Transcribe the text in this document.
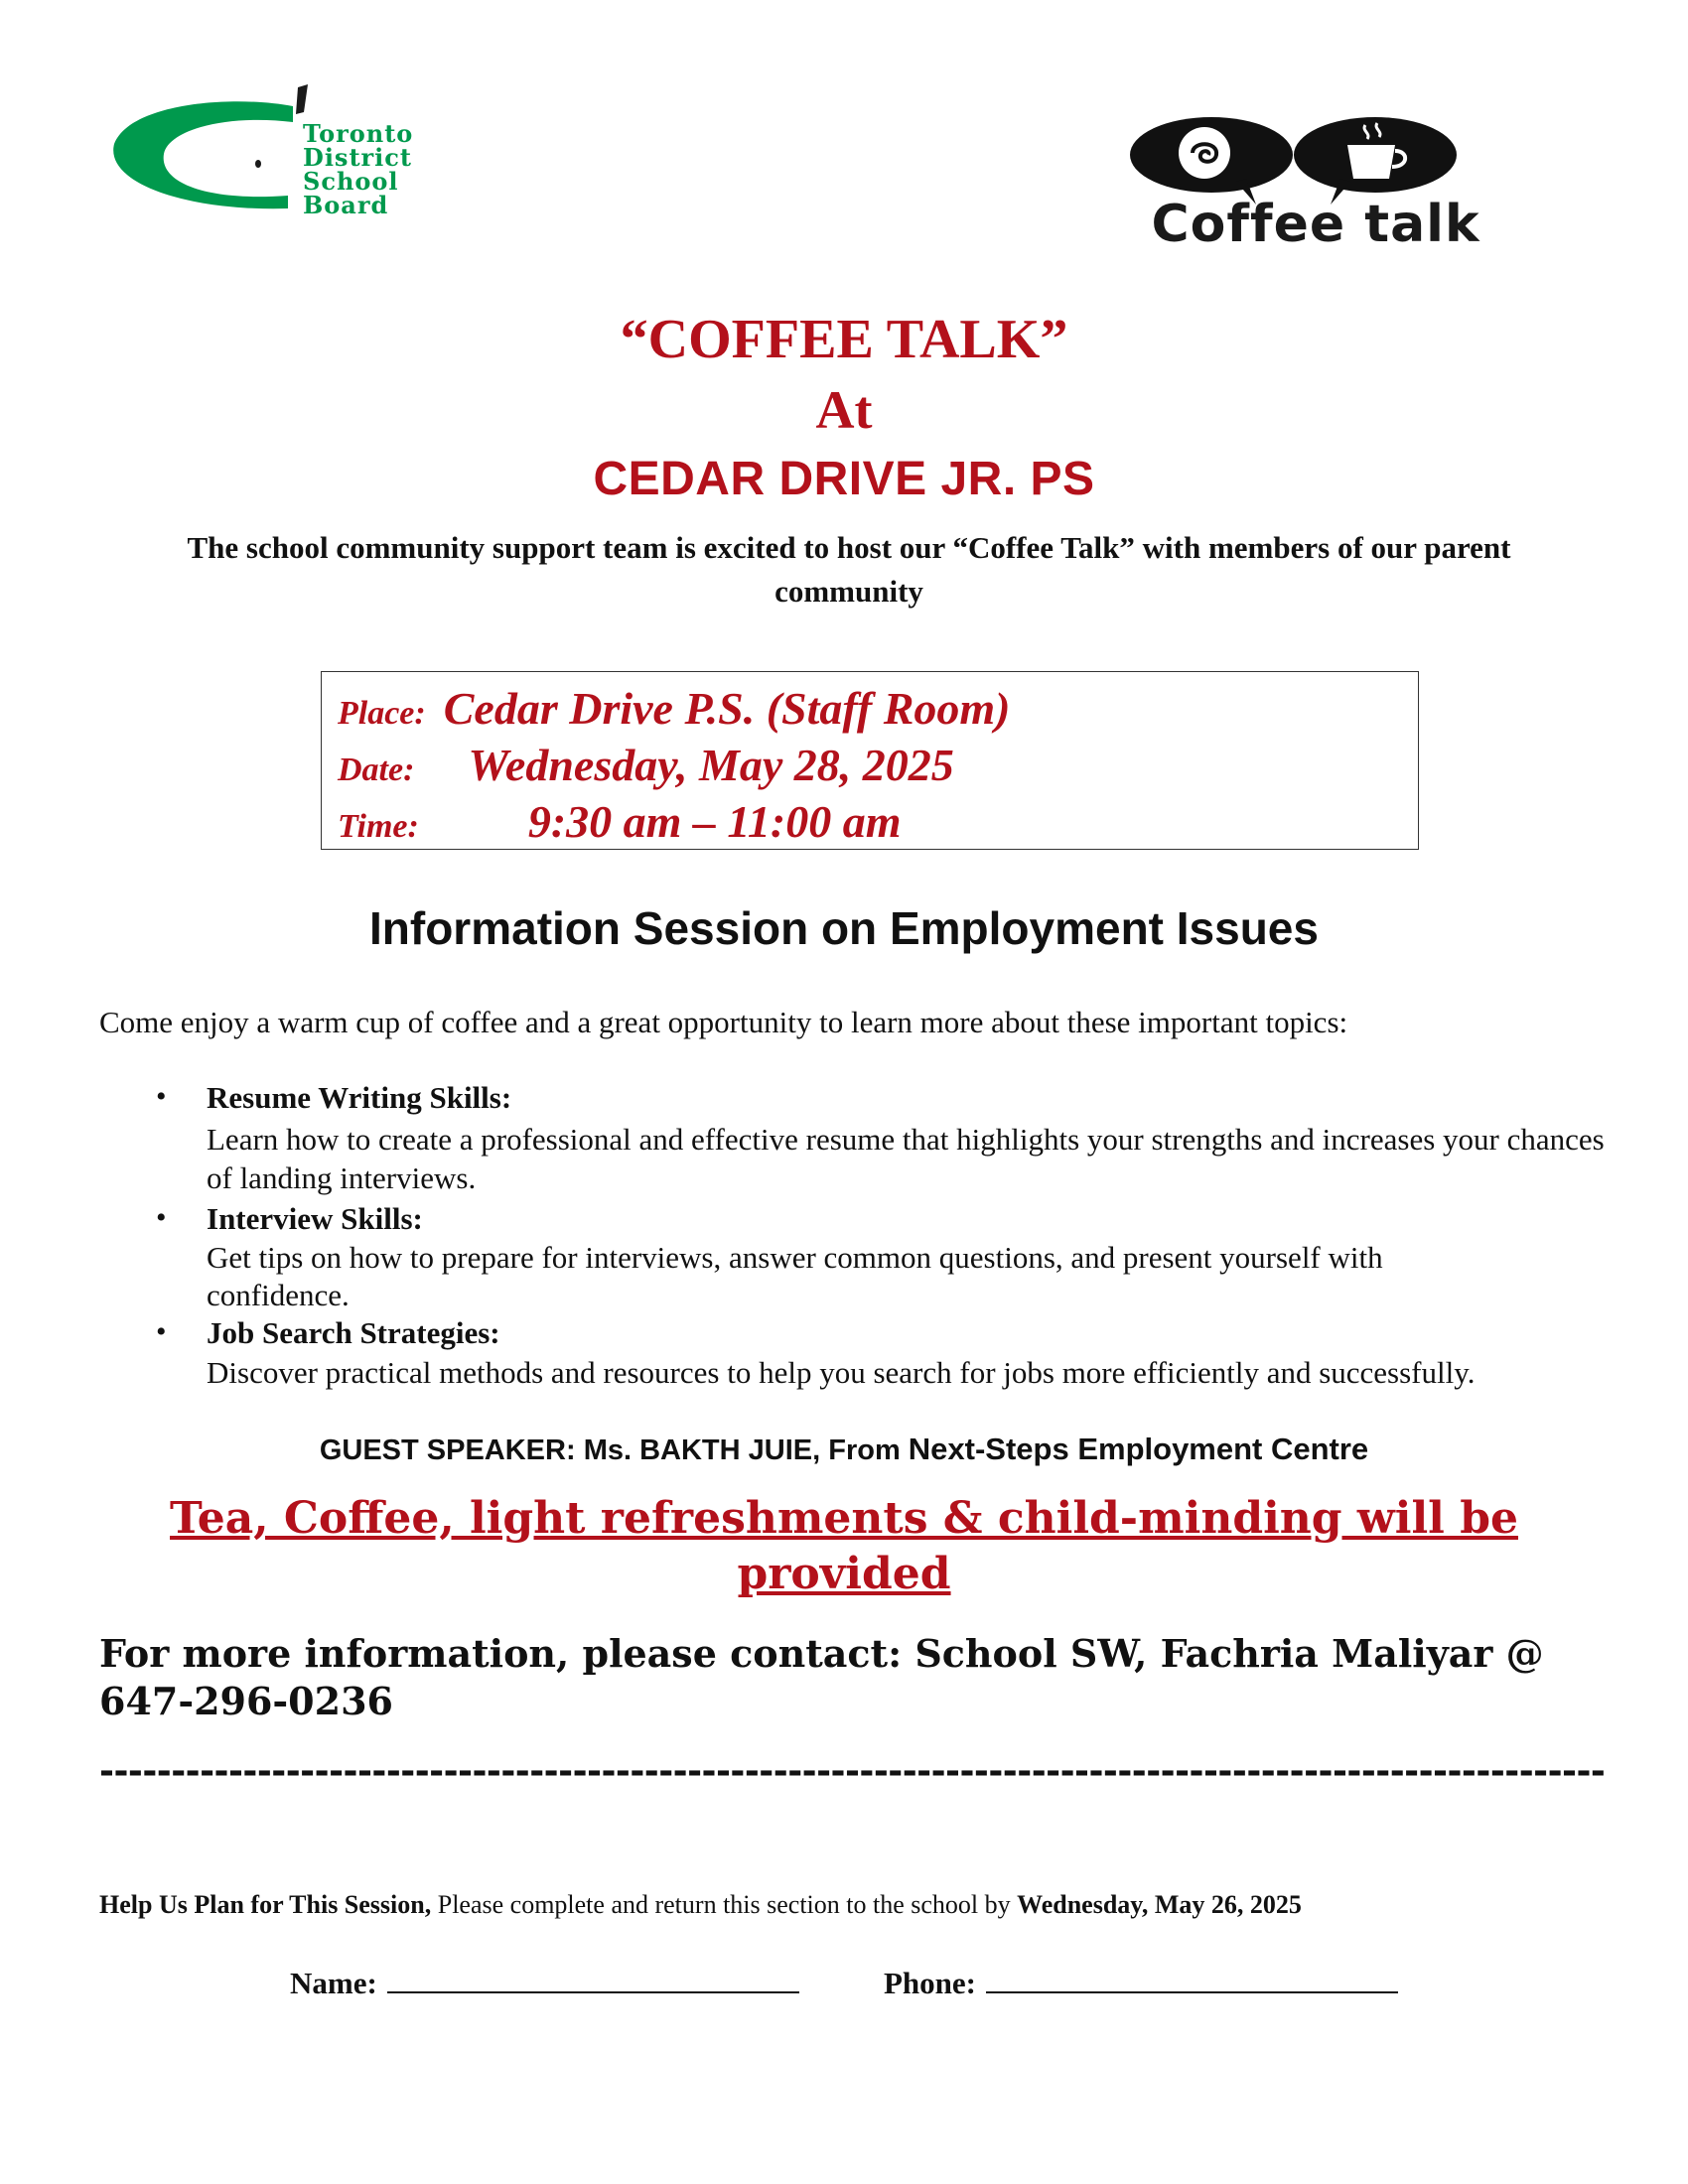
Toronto
District
School
Board	Coffee talk
“COFFEE TALK”
At
CEDAR DRIVE JR. PS
The school community support team is excited to host our “Coffee Talk” with members of our parent community
Place: Cedar Drive P.S. (Staff Room)
Date: Wednesday, May 28, 2025
Time: 9:30 am – 11:00 am
Information Session on Employment Issues
Come enjoy a warm cup of coffee and a great opportunity to learn more about these important topics:
• Resume Writing Skills:
Learn how to create a professional and effective resume that highlights your strengths and increases your chances of landing interviews.
• Interview Skills:
Get tips on how to prepare for interviews, answer common questions, and present yourself with confidence.
• Job Search Strategies:
Discover practical methods and resources to help you search for jobs more efficiently and successfully.
GUEST SPEAKER: Ms. BAKTH JUIE, From Next-Steps Employment Centre
Tea, Coffee, light refreshments & child-minding will be provided
For more information, please contact: School SW, Fachria Maliyar @ 647-296-0236
---------------------------------------------------------------------------------------------------------
Help Us Plan for This Session, Please complete and return this section to the school by Wednesday, May 26, 2025
Name:	Phone:
